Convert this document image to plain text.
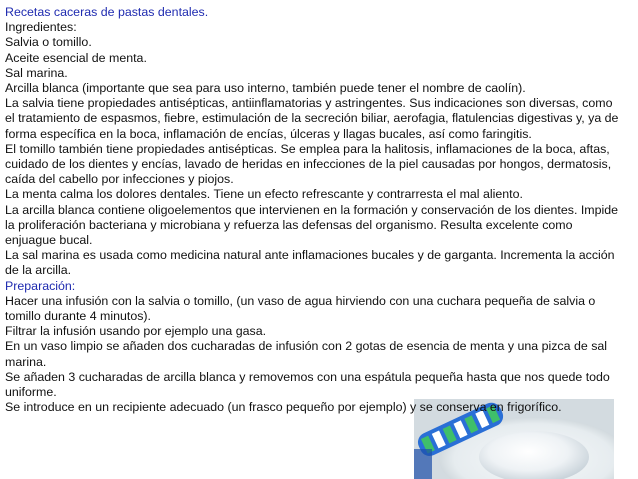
Recetas caceras de pastas dentales.
Ingredientes:
Salvia o tomillo.
Aceite esencial de menta.
Sal marina.
Arcilla blanca (importante que sea para uso interno, también puede tener el nombre de caolín).
La salvia tiene propiedades antisépticas, antiinflamatorias y astringentes. Sus indicaciones son diversas, como
el tratamiento de espasmos, fiebre, estimulación de la secreción biliar, aerofagia, flatulencias digestivas y, ya de
forma específica en la boca, inflamación de encías, úlceras y llagas bucales, así como faringitis.
El tomillo también tiene propiedades antisépticas. Se emplea para la halitosis, inflamaciones de la boca, aftas,
cuidado de los dientes y encías, lavado de heridas en infecciones de la piel causadas por hongos, dermatosis,
caída del cabello por infecciones y piojos.
La menta calma los dolores dentales. Tiene un efecto refrescante y contrarresta el mal aliento.
La arcilla blanca contiene oligoelementos que intervienen en la formación y conservación de los dientes. Impide
la proliferación bacteriana y microbiana y refuerza las defensas del organismo. Resulta excelente como
enjuague bucal.
La sal marina es usada como medicina natural ante inflamaciones bucales y de garganta. Incrementa la acción
de la arcilla.
Preparación:
Hacer una infusión con la salvia o tomillo, (un vaso de agua hirviendo con una cuchara pequeña de salvia o
tomillo durante 4 minutos).
Filtrar la infusión usando por ejemplo una gasa.
En un vaso limpio se añaden dos cucharadas de infusión con 2 gotas de esencia de menta y una pizca de sal
marina.
Se añaden 3 cucharadas de arcilla blanca y removemos con una espátula pequeña hasta que nos quede todo
uniforme.
Se introduce en un recipiente adecuado (un frasco pequeño por ejemplo) y se conserva en frigorífico.
